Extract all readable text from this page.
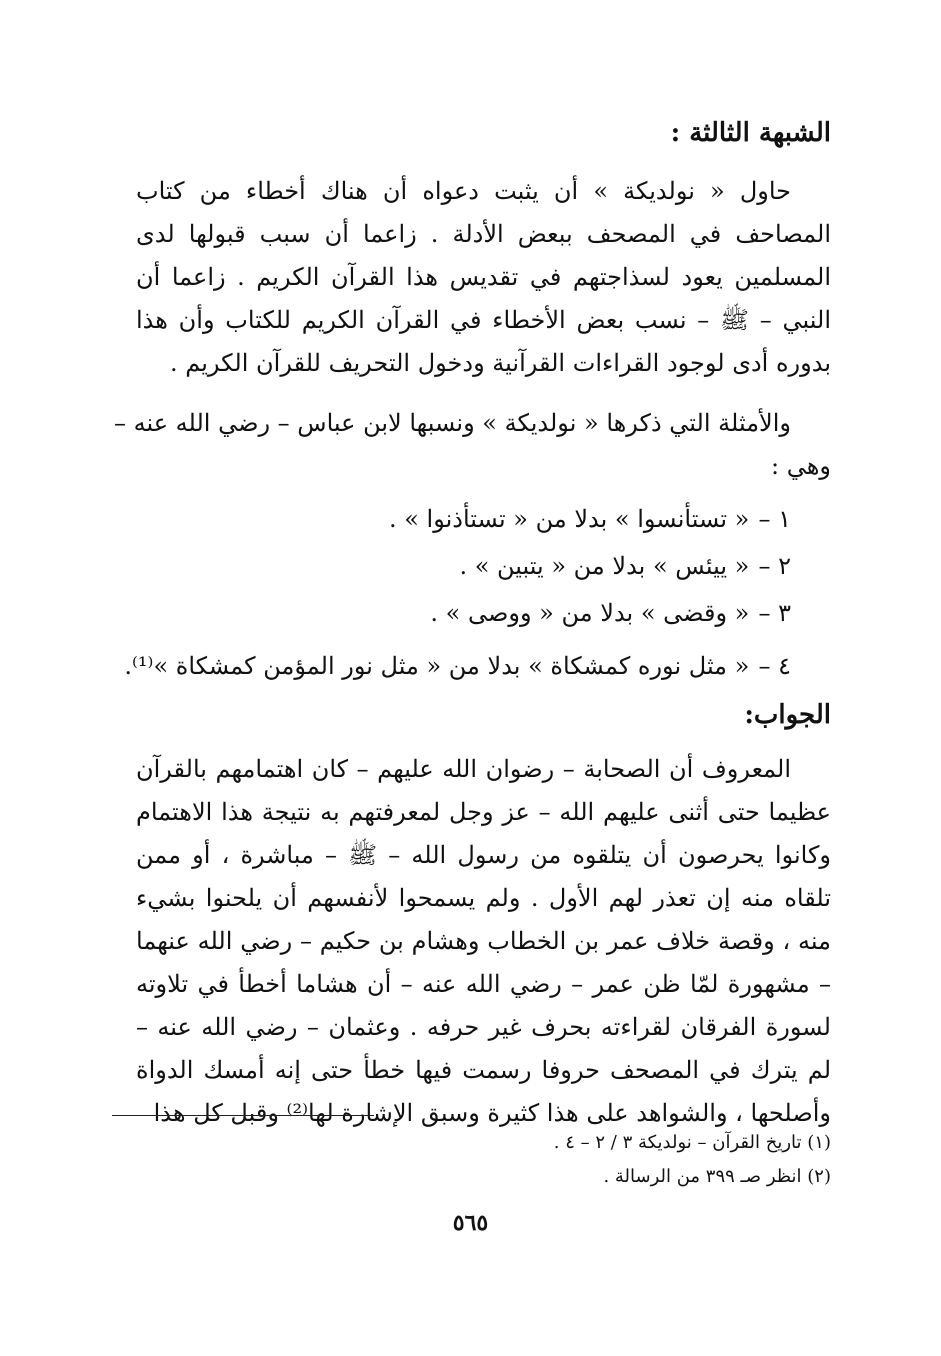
الشبهة الثالثة :

حاول « نولديكة » أن يثبت دعواه أن هناك أخطاء من كتاب المصاحف في المصحف ببعض الأدلة . زاعما أن سبب قبولها لدى المسلمين يعود لسذاجتهم في تقديس هذا القرآن الكريم . زاعما أن النبي – ﷺ – نسب بعض الأخطاء في القرآن الكريم للكتاب وأن هذا بدوره أدى لوجود القراءات القرآنية ودخول التحريف للقرآن الكريم .

والأمثلة التي ذكرها « نولديكة » ونسبها لابن عباس – رضي الله عنه –
وهي :
١ – « تستأنسوا » بدلا من « تستأذنوا » .
٢ – « ييئس » بدلا من « يتبين » .
٣ – « وقضى » بدلا من « ووصى » .
٤ – « مثل نوره كمشكاة » بدلا من « مثل نور المؤمن كمشكاة »⁽¹⁾.
الجواب:

المعروف أن الصحابة – رضوان الله عليهم – كان اهتمامهم بالقرآن عظيما حتى أثنى عليهم الله – عز وجل لمعرفتهم به نتيجة هذا الاهتمام وكانوا يحرصون أن يتلقوه من رسول الله – ﷺ – مباشرة ، أو ممن تلقاه منه إن تعذر لهم الأول . ولم يسمحوا لأنفسهم أن يلحنوا بشيء منه ، وقصة خلاف عمر بن الخطاب وهشام بن حكيم – رضي الله عنهما – مشهورة لمّا ظن عمر – رضي الله عنه – أن هشاما أخطأ في تلاوته لسورة الفرقان لقراءته بحرف غير حرفه . وعثمان – رضي الله عنه – لم يترك في المصحف حروفا رسمت فيها خطأ حتى إنه أمسك الدواة وأصلحها ، والشواهد على هذا كثيرة وسبق الإشارة لها⁽²⁾ وقبل كل هذا

(١) تاريخ القرآن – نولديكة ٣ / ٢ – ٤ .
(٢) انظر صـ ٣٩٩ من الرسالة .
٥٦٥
